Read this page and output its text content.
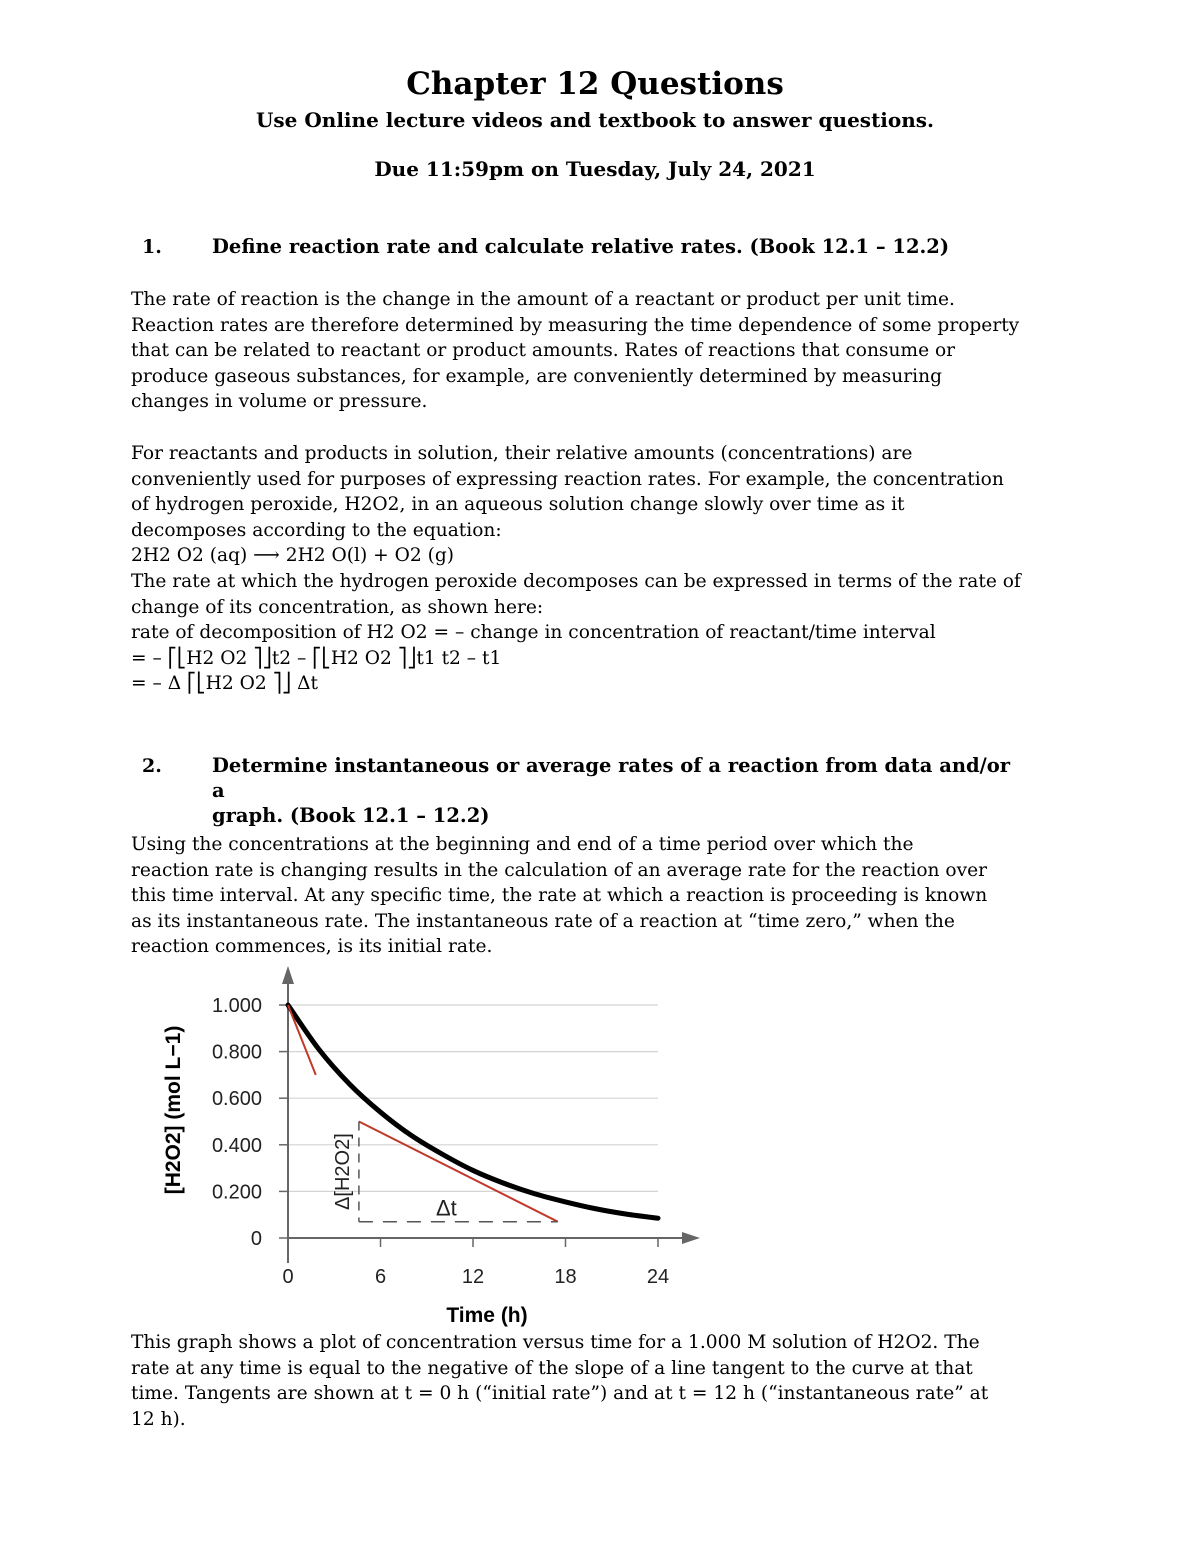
Chapter 12 Questions
Use Online lecture videos and textbook to answer questions.
Due 11:59pm on Tuesday, July 24, 2021
1.	Define reaction rate and calculate relative rates. (Book 12.1 – 12.2)

The rate of reaction is the change in the amount of a reactant or product per unit time.

Reaction rates are therefore determined by measuring the time dependence of some property

that can be related to reactant or product amounts. Rates of reactions that consume or

produce gaseous substances, for example, are conveniently determined by measuring

changes in volume or pressure.

For reactants and products in solution, their relative amounts (concentrations) are

conveniently used for purposes of expressing reaction rates. For example, the concentration

of hydrogen peroxide, H2O2, in an aqueous solution change slowly over time as it

decomposes according to the equation:

2H2 O2 (aq) ⟶ 2H2 O(l) + O2 (g)

The rate at which the hydrogen peroxide decomposes can be expressed in terms of the rate of

change of its concentration, as shown here:

rate of decomposition of H2 O2 = – change in concentration of reactant/time interval

= – ⎡⎣H2 O2 ⎤⎦t2 – ⎡⎣H2 O2 ⎤⎦t1 t2 – t1

= – Δ ⎡⎣H2 O2 ⎤⎦ Δt

2.	Determine instantaneous or average rates of a reaction from data and/or a
graph. (Book 12.1 – 12.2)

Using the concentrations at the beginning and end of a time period over which the

reaction rate is changing results in the calculation of an average rate for the reaction over

this time interval. At any specific time, the rate at which a reaction is proceeding is known

as its instantaneous rate. The instantaneous rate of a reaction at “time zero,” when the

reaction commences, is its initial rate.

0
0.200
0.400
0.600
0.800
1.000
0	6	12	18	24
Δ[H2O2]	Δt
Time (h)
[H2O2] (mol L−1)

This graph shows a plot of concentration versus time for a 1.000 M solution of H2O2. The

rate at any time is equal to the negative of the slope of a line tangent to the curve at that

time. Tangents are shown at t = 0 h (“initial rate”) and at t = 12 h (“instantaneous rate” at

12 h).
